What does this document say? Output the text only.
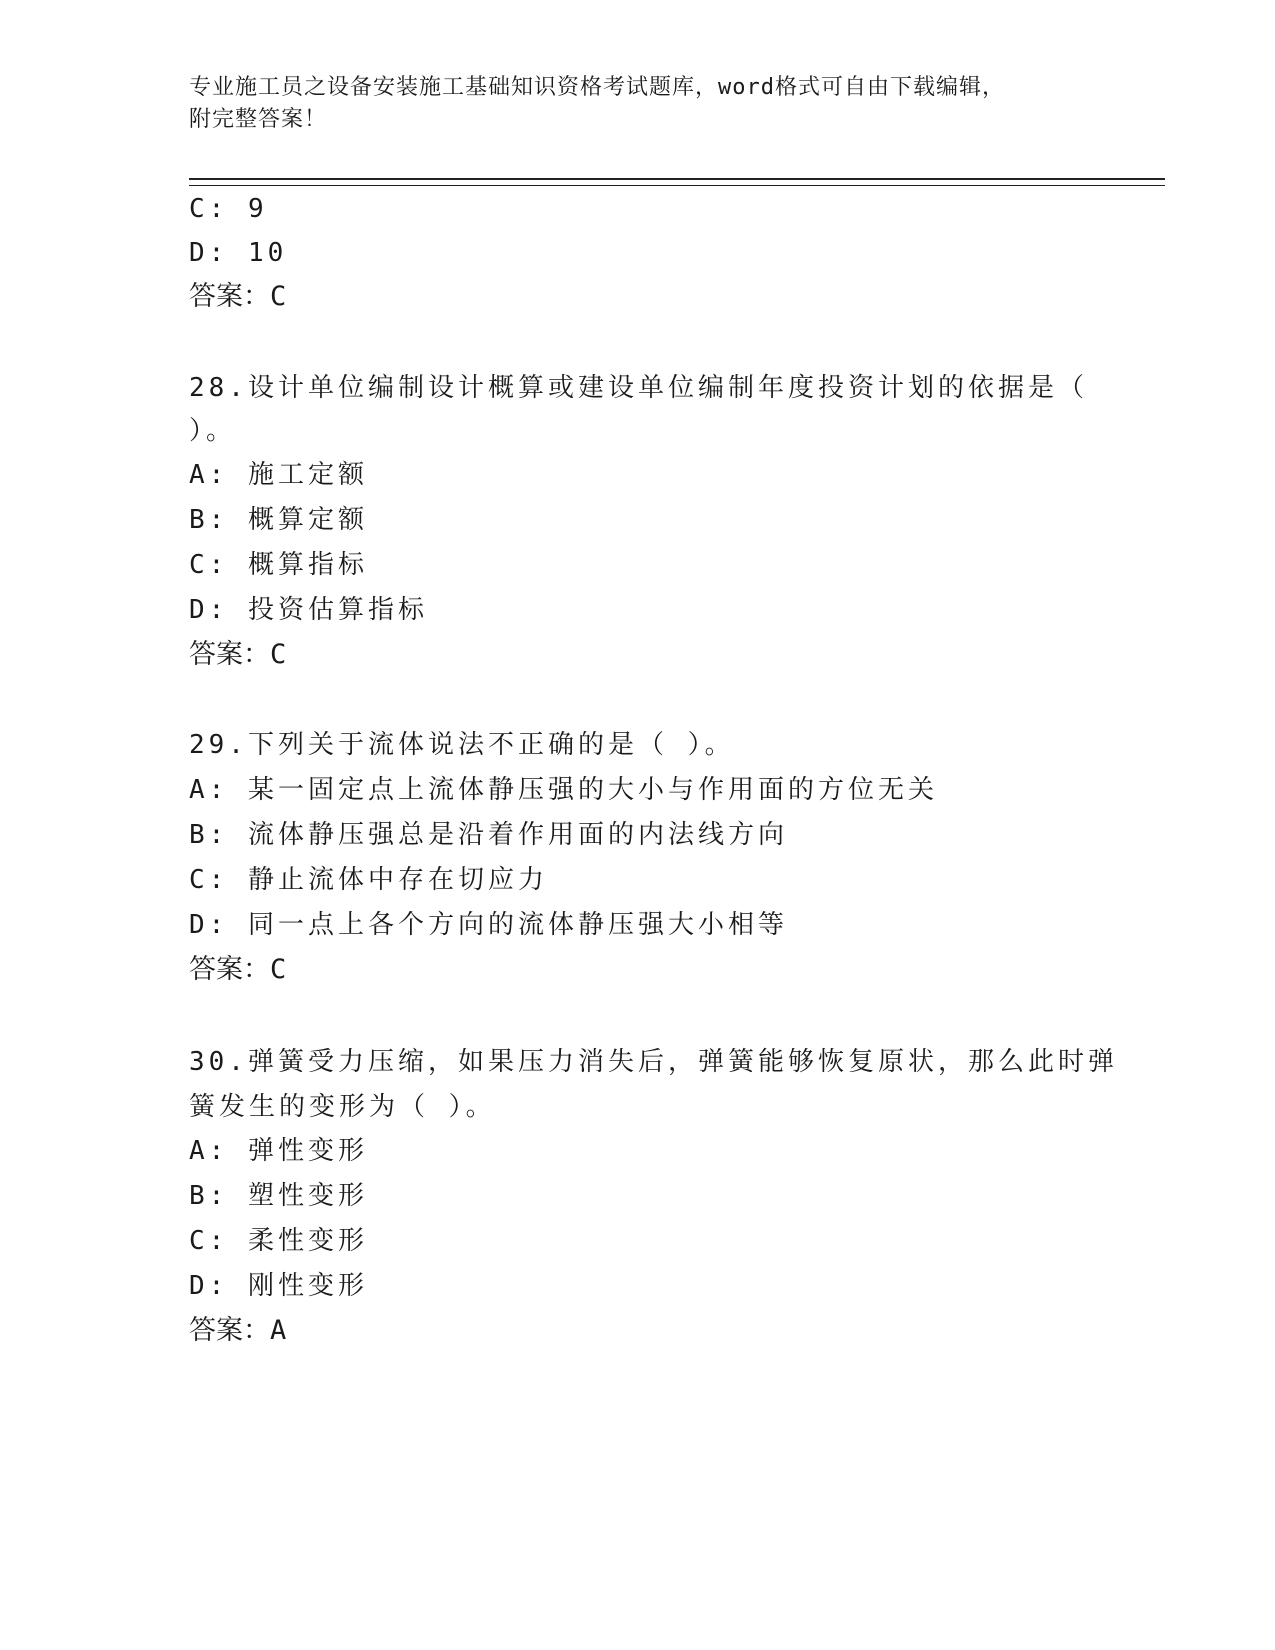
专业施工员之设备安装施工基础知识资格考试题库，word格式可自由下载编辑，
附完整答案！
C: 9
D: 10
答案：C
28.设计单位编制设计概算或建设单位编制年度投资计划的依据是（
）。
A: 施工定额
B: 概算定额
C: 概算指标
D: 投资估算指标
答案：C
29.下列关于流体说法不正确的是（ ）。
A: 某一固定点上流体静压强的大小与作用面的方位无关
B: 流体静压强总是沿着作用面的内法线方向
C: 静止流体中存在切应力
D: 同一点上各个方向的流体静压强大小相等
答案：C
30.弹簧受力压缩，如果压力消失后，弹簧能够恢复原状，那么此时弹
簧发生的变形为（ ）。
A: 弹性变形
B: 塑性变形
C: 柔性变形
D: 刚性变形
答案：A
